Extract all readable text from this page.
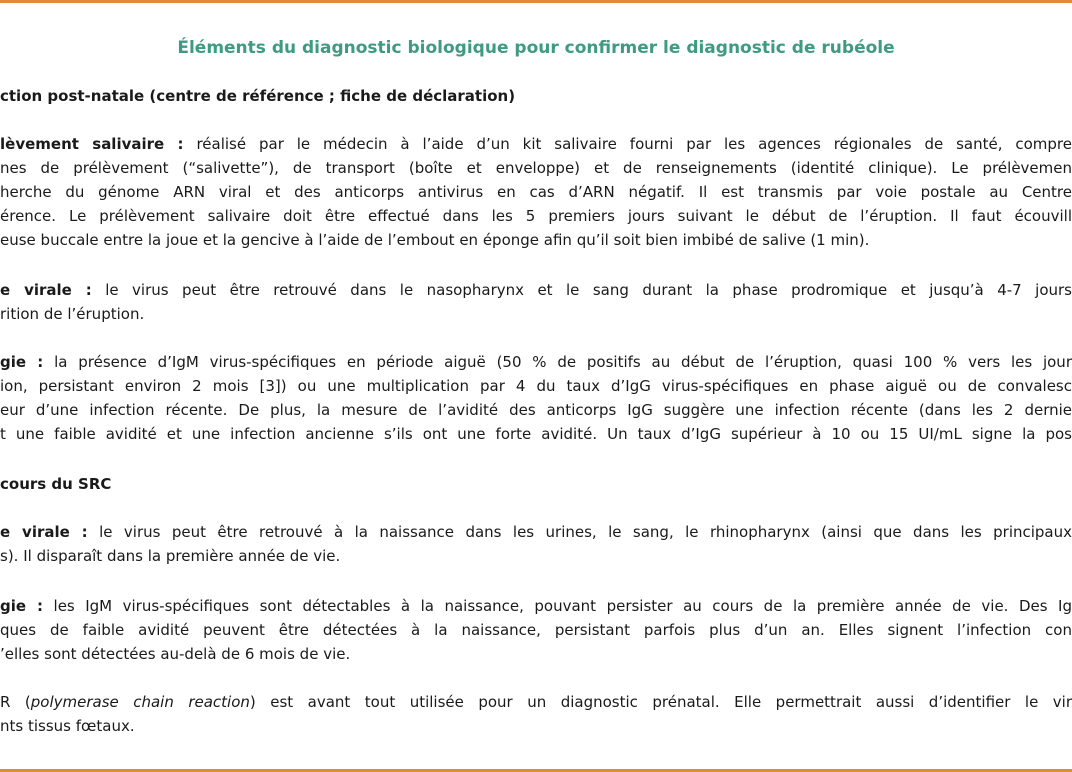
Éléments du diagnostic biologique pour confirmer le diagnostic de rubéole
ction post-natale (centre de référence ; fiche de déclaration)
lèvement salivaire : réalisé par le médecin à l’aide d’un kit salivaire fourni par les agences régionales de santé, compre
nes de prélèvement (“salivette”), de transport (boîte et enveloppe) et de renseignements (identité clinique). Le prélèvemen
herche du génome ARN viral et des anticorps antivirus en cas d’ARN négatif. Il est transmis par voie postale au Centre
érence. Le prélèvement salivaire doit être effectué dans les 5 premiers jours suivant le début de l’éruption. Il faut écouvill
euse buccale entre la joue et la gencive à l’aide de l’embout en éponge afin qu’il soit bien imbibé de salive (1 min).
e virale : le virus peut être retrouvé dans le nasopharynx et le sang durant la phase prodromique et jusqu’à 4-7 jours
rition de l’éruption.
gie : la présence d’IgM virus-spécifiques en période aiguë (50 % de positifs au début de l’éruption, quasi 100 % vers les jour
ion, persistant environ 2 mois [3]) ou une multiplication par 4 du taux d’IgG virus-spécifiques en phase aiguë ou de convalesc
eur d’une infection récente. De plus, la mesure de l’avidité des anticorps IgG suggère une infection récente (dans les 2 dernie
t une faible avidité et une infection ancienne s’ils ont une forte avidité. Un taux d’IgG supérieur à 10 ou 15 UI/mL signe la pos
cours du SRC
e virale : le virus peut être retrouvé à la naissance dans les urines, le sang, le rhinopharynx (ainsi que dans les principaux
s). Il disparaît dans la première année de vie.
gie : les IgM virus-spécifiques sont détectables à la naissance, pouvant persister au cours de la première année de vie. Des Ig
ques de faible avidité peuvent être détectées à la naissance, persistant parfois plus d’un an. Elles signent l’infection con
’elles sont détectées au-delà de 6 mois de vie.
R (polymerase chain reaction) est avant tout utilisée pour un diagnostic prénatal. Elle permettrait aussi d’identifier le vir
nts tissus fœtaux.
